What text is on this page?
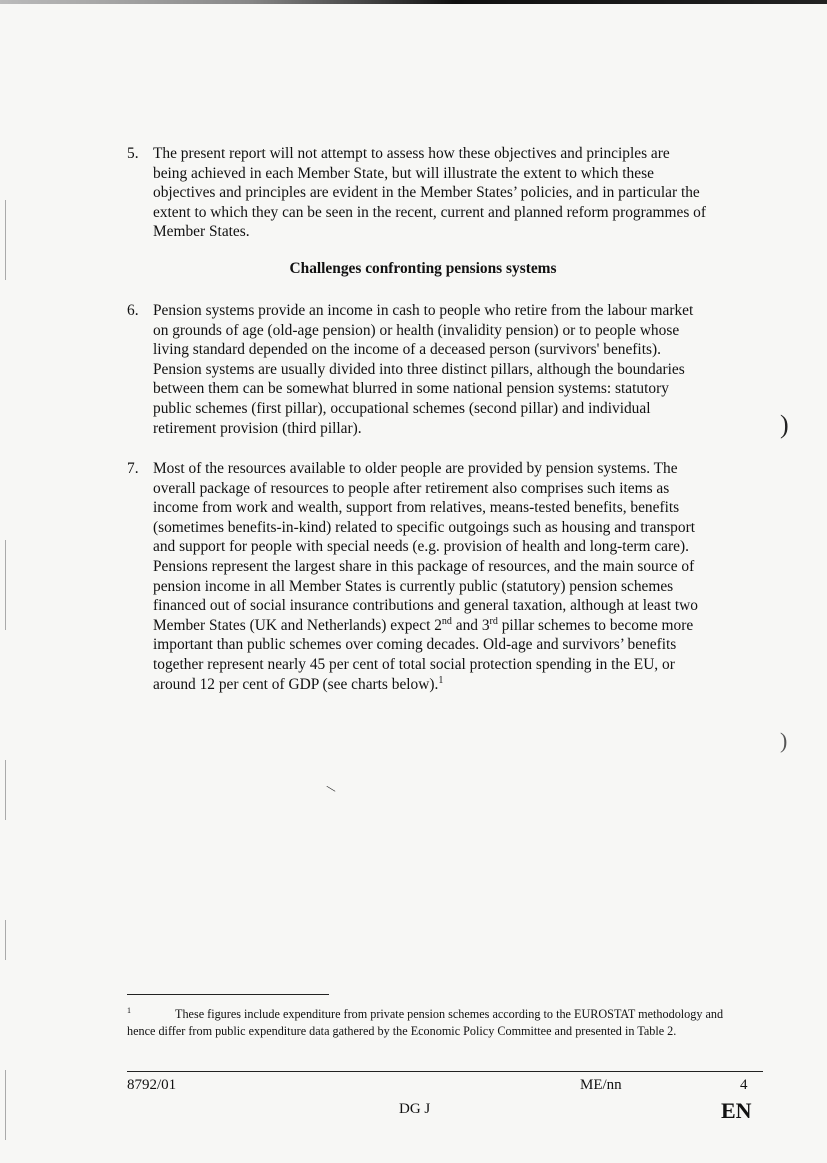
5. The present report will not attempt to assess how these objectives and principles are being achieved in each Member State, but will illustrate the extent to which these objectives and principles are evident in the Member States’ policies, and in particular the extent to which they can be seen in the recent, current and planned reform programmes of Member States.
Challenges confronting pensions systems
6. Pension systems provide an income in cash to people who retire from the labour market on grounds of age (old-age pension) or health (invalidity pension) or to people whose living standard depended on the income of a deceased person (survivors' benefits). Pension systems are usually divided into three distinct pillars, although the boundaries between them can be somewhat blurred in some national pension systems: statutory public schemes (first pillar), occupational schemes (second pillar) and individual retirement provision (third pillar).
7. Most of the resources available to older people are provided by pension systems. The overall package of resources to people after retirement also comprises such items as income from work and wealth, support from relatives, means-tested benefits, benefits (sometimes benefits-in-kind) related to specific outgoings such as housing and transport and support for people with special needs (e.g. provision of health and long-term care). Pensions represent the largest share in this package of resources, and the main source of pension income in all Member States is currently public (statutory) pension schemes financed out of social insurance contributions and general taxation, although at least two Member States (UK and Netherlands) expect 2nd and 3rd pillar schemes to become more important than public schemes over coming decades. Old-age and survivors’ benefits together represent nearly 45 per cent of total social protection spending in the EU, or around 12 per cent of GDP (see charts below).$^1$
)
)
\
$^1$	These figures include expenditure from private pension schemes according to the EUROSTAT methodology and hence differ from public expenditure data gathered by the Economic Policy Committee and presented in Table 2.
8792/01	ME/nn	4
DG J	EN
